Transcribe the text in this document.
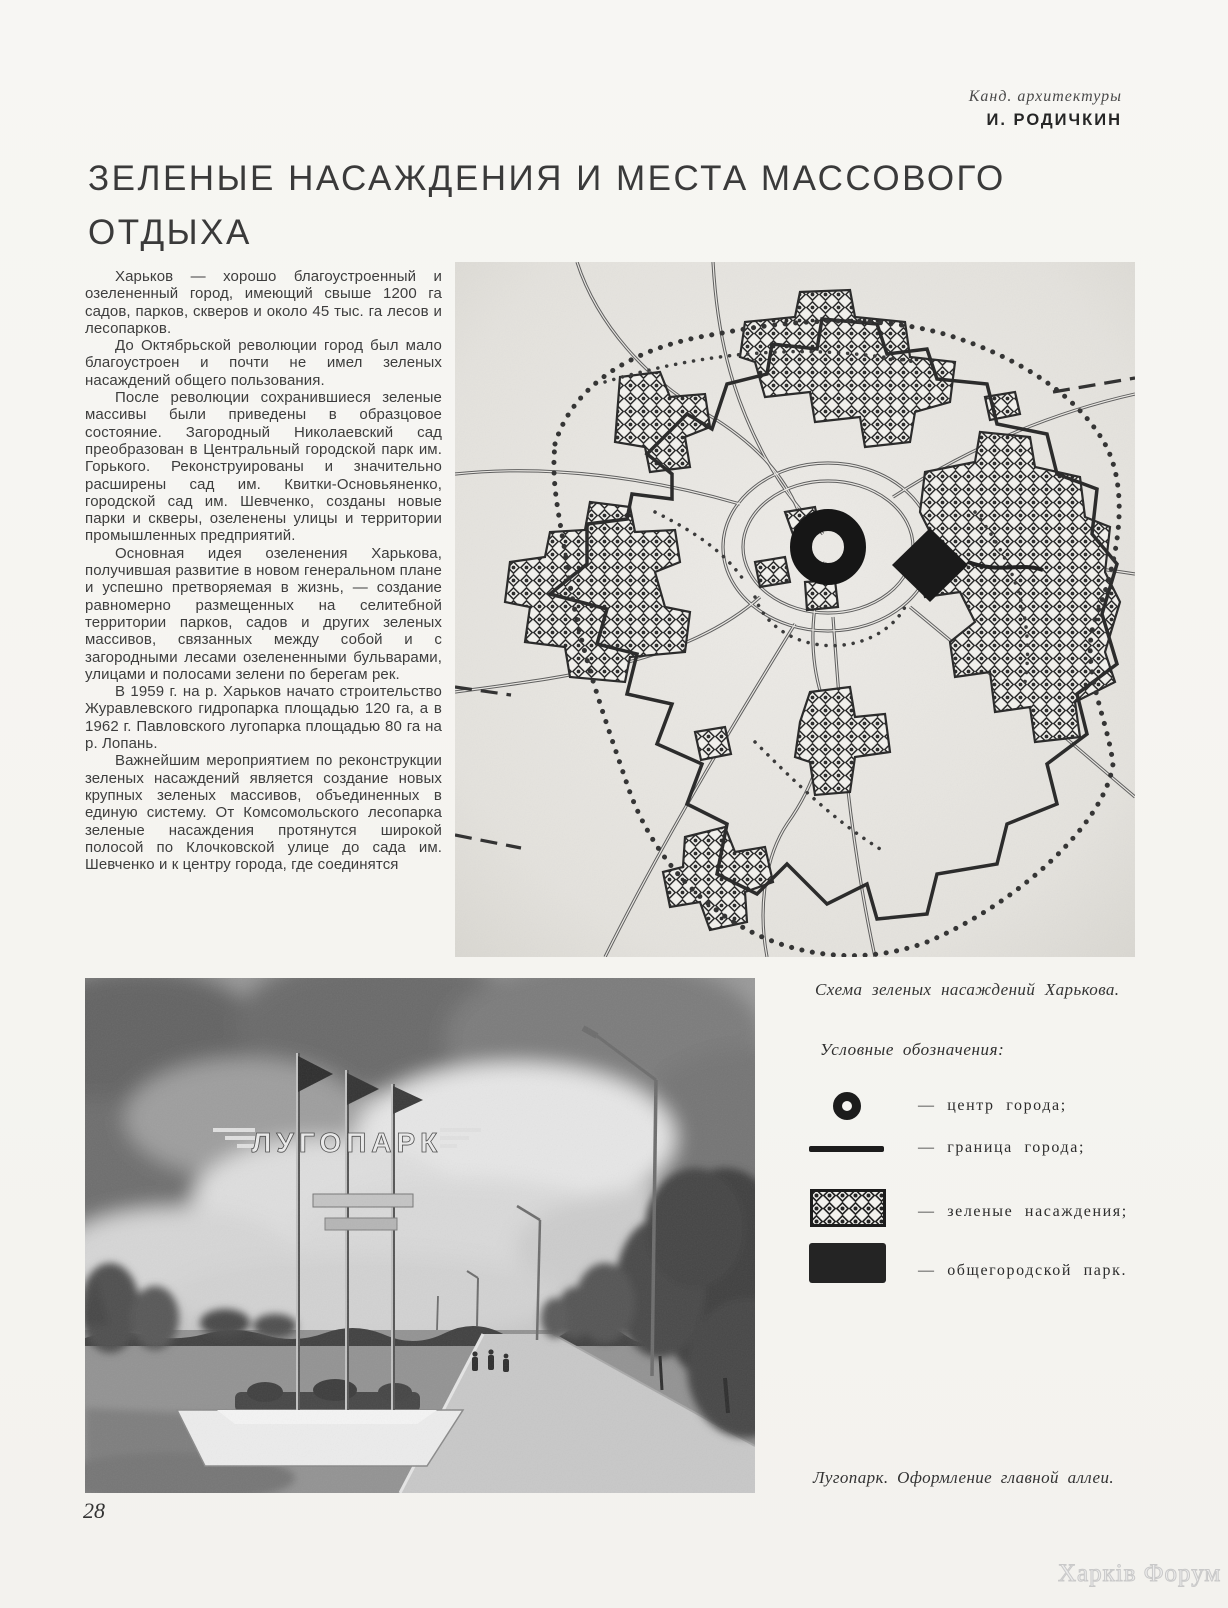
Канд. архитектуры
И. РОДИЧКИН
ЗЕЛЕНЫЕ НАСАЖДЕНИЯ И МЕСТА МАССОВОГО ОТДЫХА

Харьков — хорошо благоустроенный и озелененный город, имеющий свыше 1200 га садов, парков, скверов и около 45 тыс. га лесов и лесопарков.

До Октябрьской революции город был мало благоустроен и почти не имел зеленых насаждений общего пользования.

После революции сохранившиеся зеленые массивы были приведены в образцовое состояние. Загородный Николаевский сад преобразован в Центральный городской парк им. Горького. Реконструированы и значительно расширены сад им. Квитки-Основьяненко, городской сад им. Шевченко, созданы новые парки и скверы, озеленены улицы и территории промышленных предприятий.

Основная идея озеленения Харькова, получившая развитие в новом генеральном плане и успешно претворяемая в жизнь, — создание равномерно размещенных на селитебной территории парков, садов и других зеленых массивов, связанных между собой и с загородными лесами озелененными бульварами, улицами и полосами зелени по берегам рек.

В 1959 г. на р. Харьков начато строительство Журавлевского гидропарка площадью 120 га, а в 1962 г. Павловского лугопарка площадью 80 га на р. Лопань.

Важнейшим мероприятием по реконструкции зеленых насаждений является создание новых крупных зеленых массивов, объединенных в единую систему. От Комсомольского лесопарка зеленые насаждения протянутся широкой полосой по Клочковской улице до сада им. Шевченко и к центру города, где соединятся

Схема зеленых насаждений Харькова.
Условные обозначения:
— центр города;
— граница города;
— зеленые насаждения;
— общегородской парк.
ЛУГОПАРК
Лугопарк. Оформление главной аллеи.
28
Харків Форум
